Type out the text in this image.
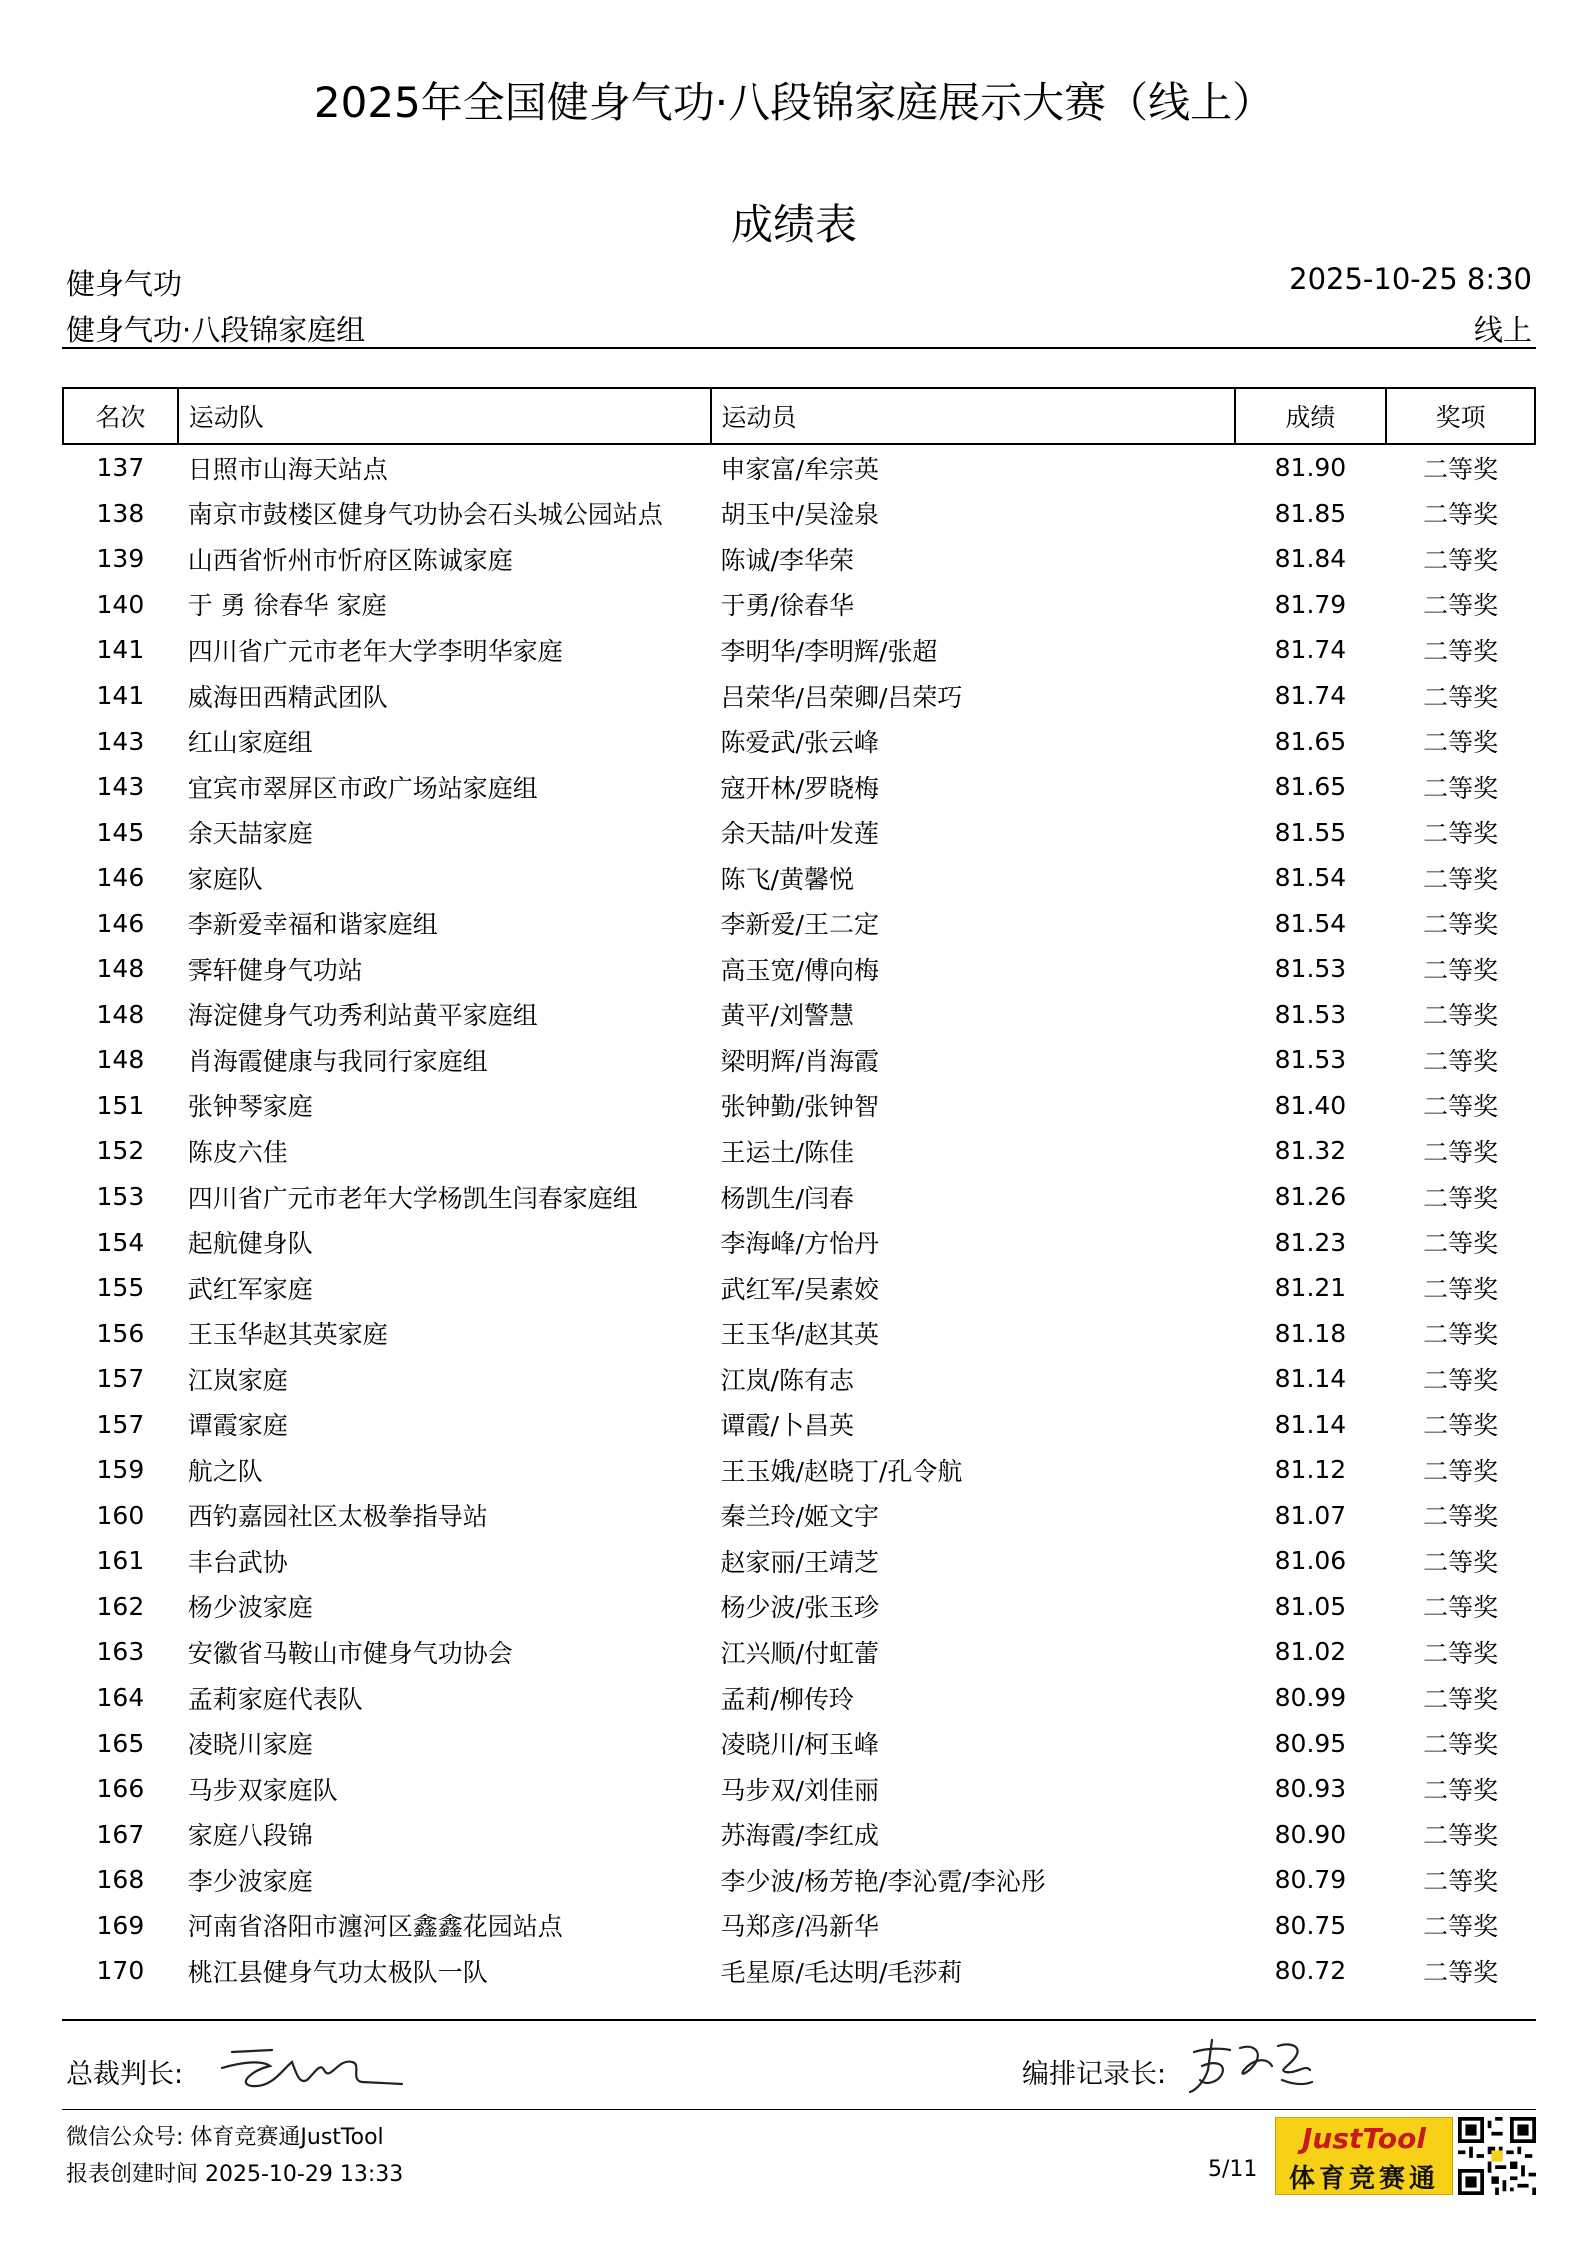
2025年全国健身气功·八段锦家庭展示大赛（线上）
成绩表
健身气功	2025-10-25 8:30
健身气功·八段锦家庭组	线上
名次	运动队	运动员	成绩	奖项
137	日照市山海天站点	申家富/牟宗英	81.90	二等奖
138	南京市鼓楼区健身气功协会石头城公园站点	胡玉中/吴淦泉	81.85	二等奖
139	山西省忻州市忻府区陈诚家庭	陈诚/李华荣	81.84	二等奖
140	于 勇 徐春华 家庭	于勇/徐春华	81.79	二等奖
141	四川省广元市老年大学李明华家庭	李明华/李明辉/张超	81.74	二等奖
141	威海田西精武团队	吕荣华/吕荣卿/吕荣巧	81.74	二等奖
143	红山家庭组	陈爱武/张云峰	81.65	二等奖
143	宜宾市翠屏区市政广场站家庭组	寇开林/罗晓梅	81.65	二等奖
145	余天喆家庭	余天喆/叶发莲	81.55	二等奖
146	家庭队	陈飞/黄馨悦	81.54	二等奖
146	李新爱幸福和谐家庭组	李新爱/王二定	81.54	二等奖
148	霁轩健身气功站	高玉宽/傅向梅	81.53	二等奖
148	海淀健身气功秀利站黄平家庭组	黄平/刘警慧	81.53	二等奖
148	肖海霞健康与我同行家庭组	梁明辉/肖海霞	81.53	二等奖
151	张钟琴家庭	张钟勤/张钟智	81.40	二等奖
152	陈皮六佳	王运土/陈佳	81.32	二等奖
153	四川省广元市老年大学杨凯生闫春家庭组	杨凯生/闫春	81.26	二等奖
154	起航健身队	李海峰/方怡丹	81.23	二等奖
155	武红军家庭	武红军/吴素姣	81.21	二等奖
156	王玉华赵其英家庭	王玉华/赵其英	81.18	二等奖
157	江岚家庭	江岚/陈有志	81.14	二等奖
157	谭霞家庭	谭霞/卜昌英	81.14	二等奖
159	航之队	王玉娥/赵晓丁/孔令航	81.12	二等奖
160	西钓嘉园社区太极拳指导站	秦兰玲/姬文宇	81.07	二等奖
161	丰台武协	赵家丽/王靖芝	81.06	二等奖
162	杨少波家庭	杨少波/张玉珍	81.05	二等奖
163	安徽省马鞍山市健身气功协会	江兴顺/付虹蕾	81.02	二等奖
164	孟莉家庭代表队	孟莉/柳传玲	80.99	二等奖
165	凌晓川家庭	凌晓川/柯玉峰	80.95	二等奖
166	马步双家庭队	马步双/刘佳丽	80.93	二等奖
167	家庭八段锦	苏海霞/李红成	80.90	二等奖
168	李少波家庭	李少波/杨芳艳/李沁霓/李沁彤	80.79	二等奖
169	河南省洛阳市瀍河区鑫鑫花园站点	马郑彦/冯新华	80.75	二等奖
170	桃江县健身气功太极队一队	毛星原/毛达明/毛莎莉	80.72	二等奖
总裁判长:	编排记录长:
微信公众号: 体育竞赛通JustTool
报表创建时间 2025-10-29 13:33	5/11
JustTool
体育竞赛通
